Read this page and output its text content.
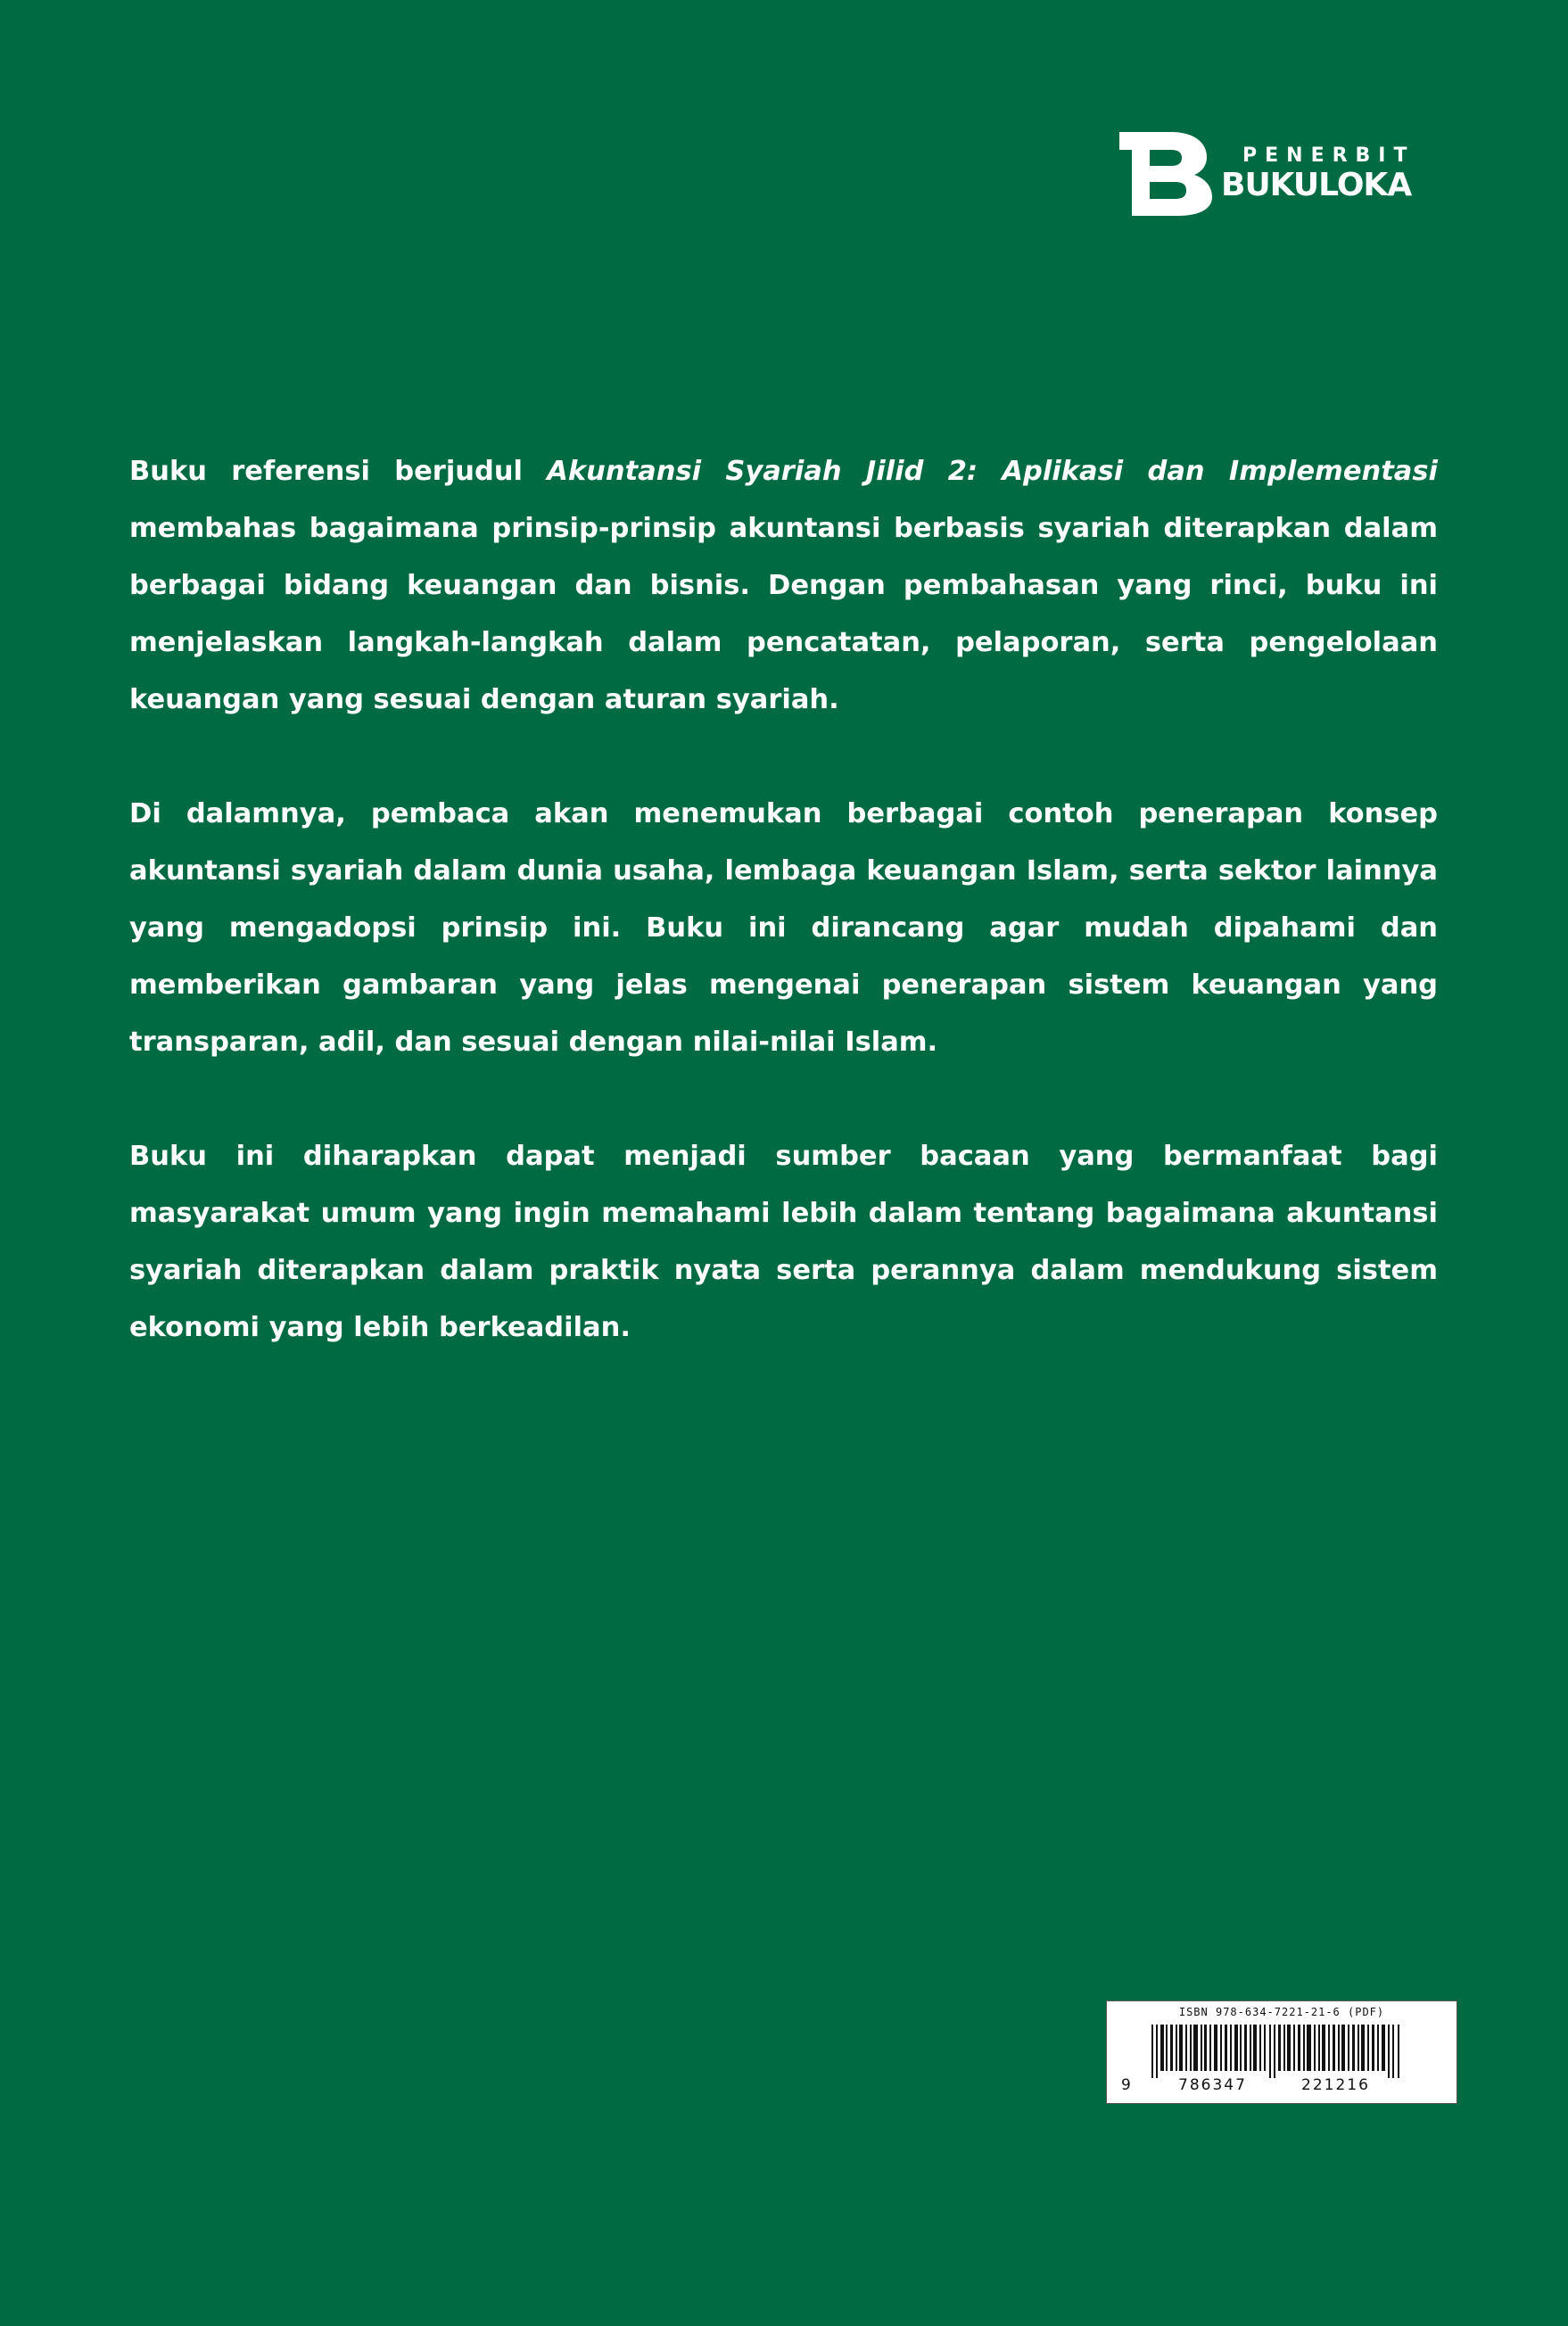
PENERBIT
BUKULOKA

Buku referensi berjudul Akuntansi Syariah Jilid 2: Aplikasi dan Implementasi membahas bagaimana prinsip-prinsip akuntansi berbasis syariah diterapkan dalam berbagai bidang keuangan dan bisnis. Dengan pembahasan yang rinci, buku ini menjelaskan langkah-langkah dalam pencatatan, pelaporan, serta pengelolaan keuangan yang sesuai dengan aturan syariah.

Di dalamnya, pembaca akan menemukan berbagai contoh penerapan konsep akuntansi syariah dalam dunia usaha, lembaga keuangan Islam, serta sektor lainnya yang mengadopsi prinsip ini. Buku ini dirancang agar mudah dipahami dan memberikan gambaran yang jelas mengenai penerapan sistem keuangan yang transparan, adil, dan sesuai dengan nilai-nilai Islam.

Buku ini diharapkan dapat menjadi sumber bacaan yang bermanfaat bagi masyarakat umum yang ingin memahami lebih dalam tentang bagaimana akuntansi syariah diterapkan dalam praktik nyata serta perannya dalam mendukung sistem ekonomi yang lebih berkeadilan.

ISBN 978-634-7221-21-6 (PDF)
9	786347	221216
